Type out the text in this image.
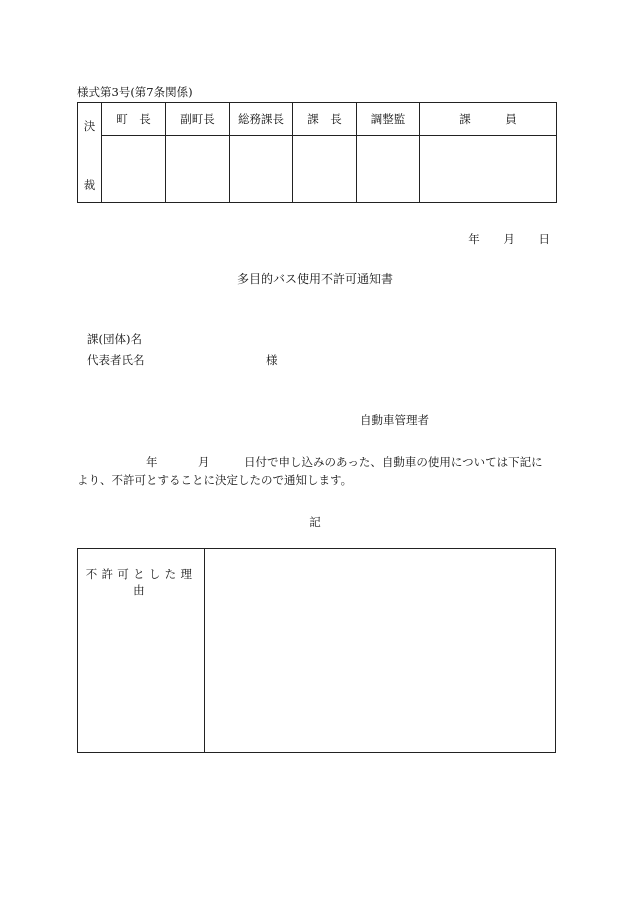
様式第3号(第7条関係)
決
裁	町　長	副町長	総務課長	課　長	調整監	課　　　員

年 月 日
多目的バス使用不許可通知書
課(団体)名
代表者氏名	様
自動車管理者
年	月	日付で申し込みのあった、自動車の使用については下記に
より、不許可とすることに決定したので通知します。
記
不許可とした理由	
